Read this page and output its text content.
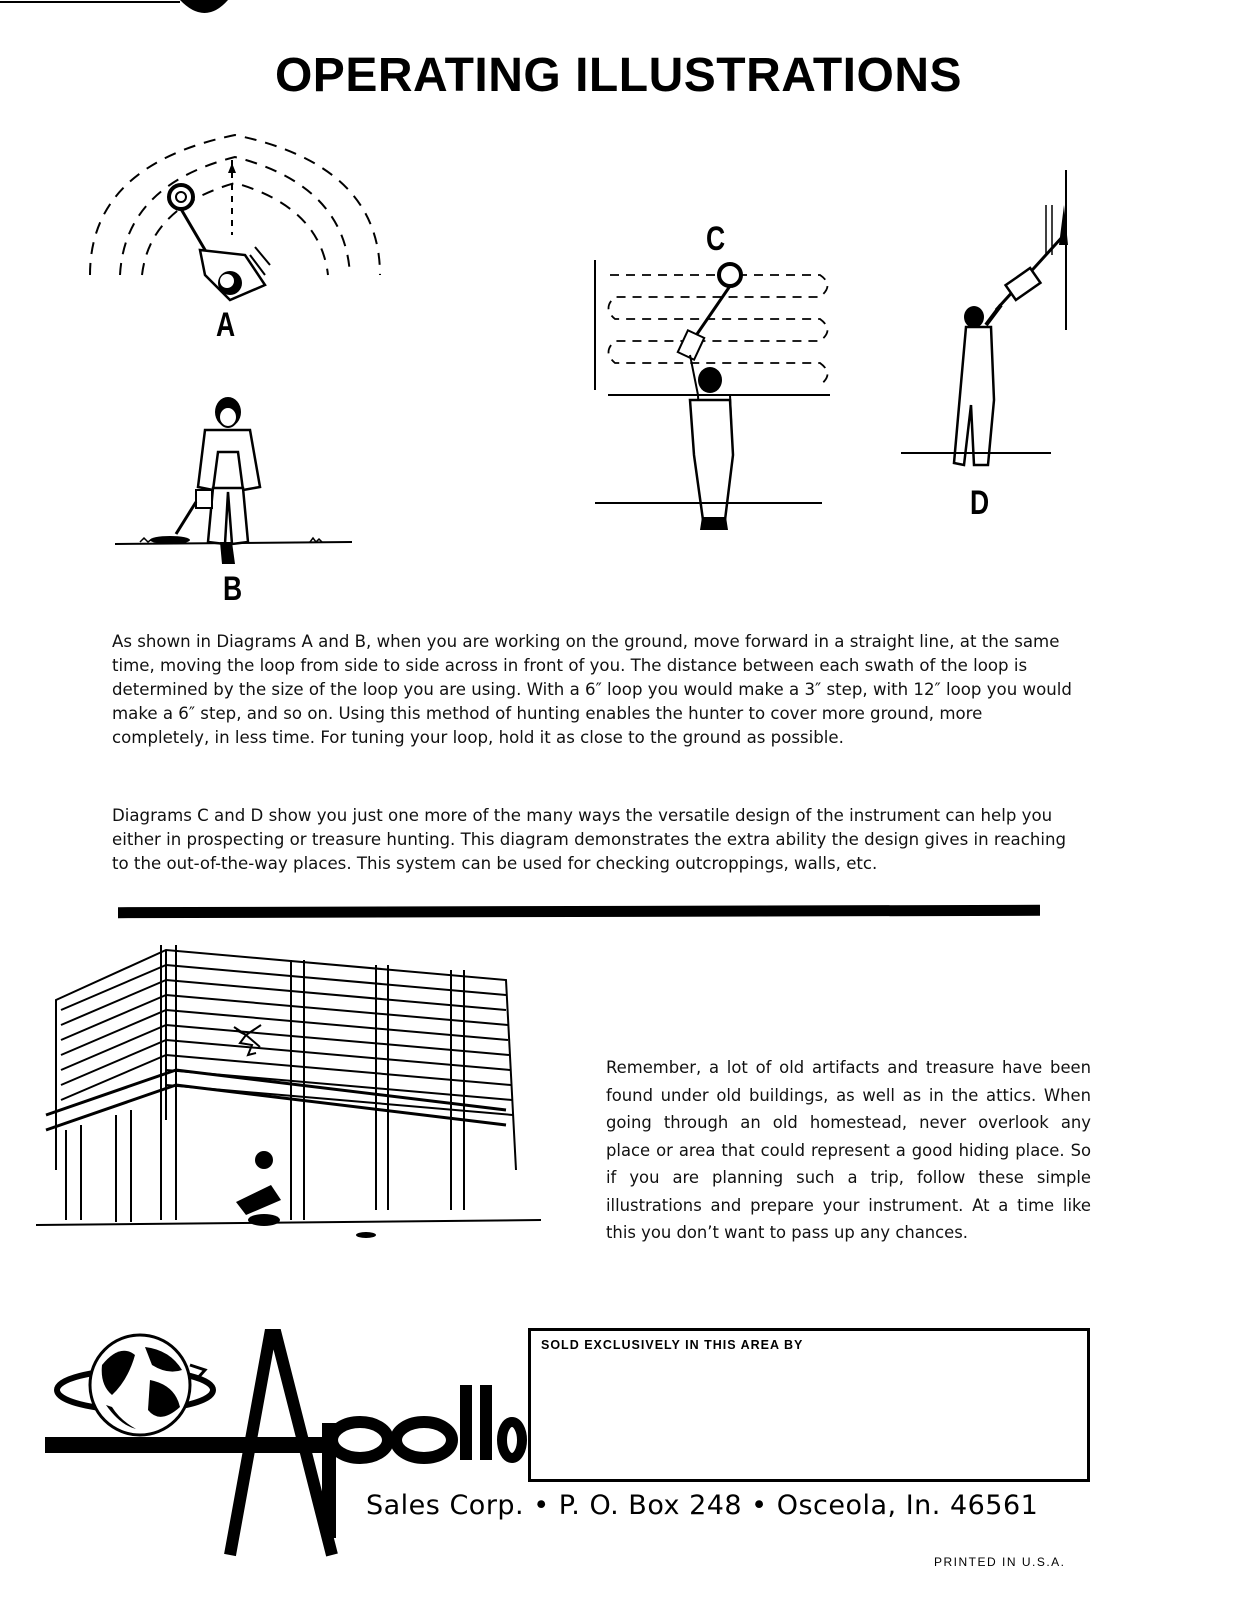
OPERATING ILLUSTRATIONS
A
B
C
D
As shown in Diagrams A and B, when you are working on the ground, move forward in a straight line, at the same time, moving the loop from side to side across in front of you. The distance between each swath of the loop is determined by the size of the loop you are using. With a 6″ loop you would make a 3″ step, with 12″ loop you would make a 6″ step, and so on. Using this method of hunting enables the hunter to cover more ground, more completely, in less time. For tuning your loop, hold it as close to the ground as possible.
Diagrams C and D show you just one more of the many ways the versatile design of the instrument can help you either in prospecting or treasure hunting. This diagram demonstrates the extra ability the design gives in reaching to the out-of-the-way places. This system can be used for checking outcroppings, walls, etc.
Remember, a lot of old artifacts and treasure have been found under old buildings, as well as in the attics. When going through an old homestead, never overlook any place or area that could represent a good hiding place. So if you are planning such a trip, follow these simple illustrations and prepare your instrument. At a time like this you don’t want to pass up any chances.
SOLD EXCLUSIVELY IN THIS AREA BY
Sales Corp. • P. O. Box 248 • Osceola, In. 46561
PRINTED IN U.S.A.
